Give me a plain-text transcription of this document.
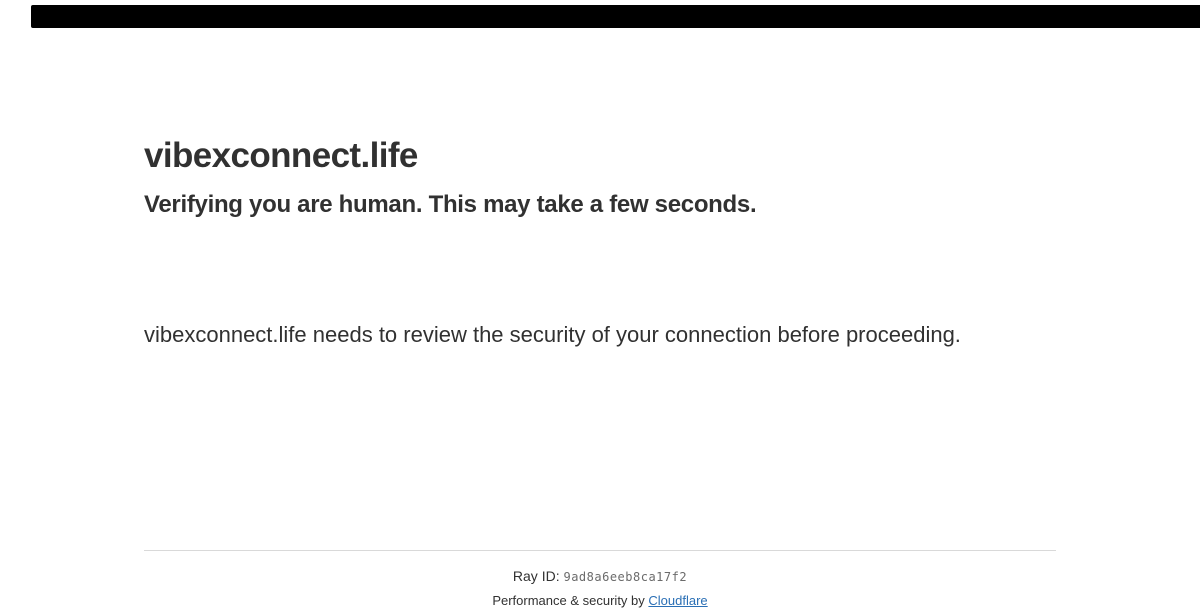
vibexconnect.life
Verifying you are human. This may take a few seconds.

vibexconnect.life needs to review the security of your connection before proceeding.

Ray ID: 9ad8a6eeb8ca17f2
Performance & security by Cloudflare
